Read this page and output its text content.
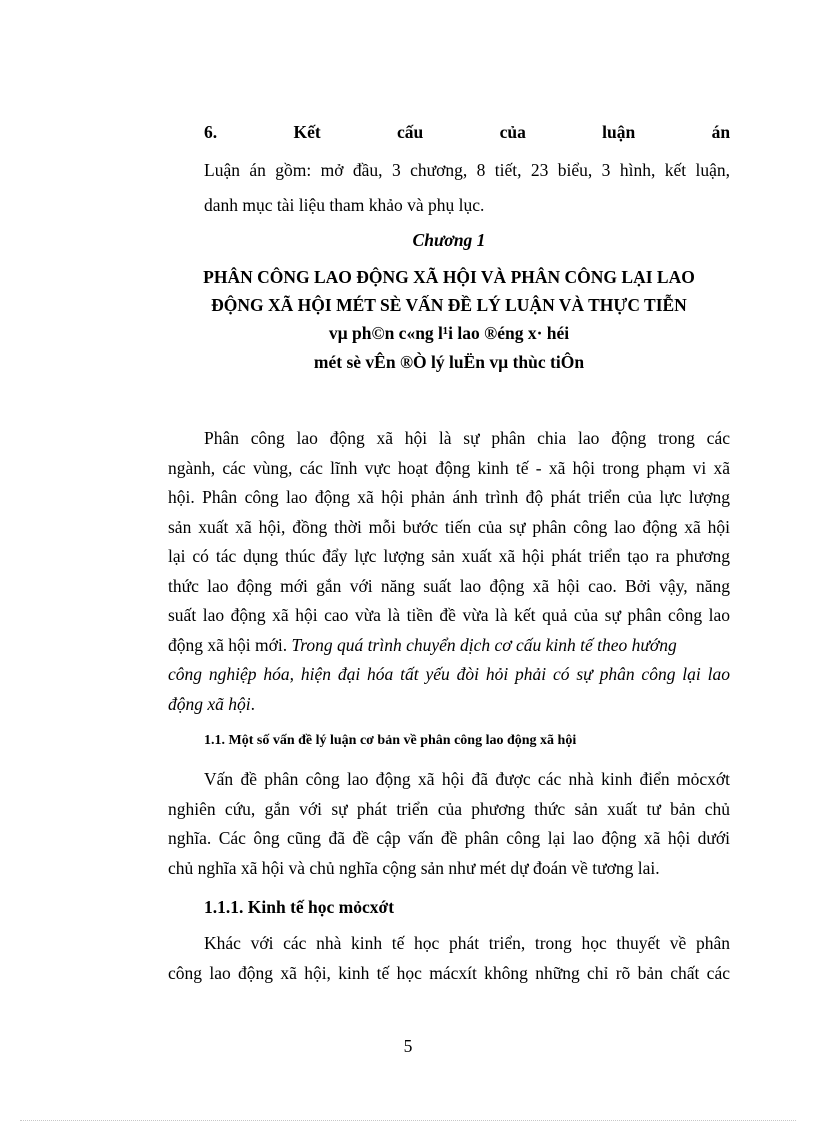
6.	Kết	cấu	của	luận	án
Luận án gồm: mở đầu, 3 chương, 8 tiết, 23 biểu, 3 hình, kết luận,
danh mục tài liệu tham khảo và phụ lục.
Chương 1
PHÂN CÔNG LAO ĐỘNG XÃ HỘI VÀ PHÂN CÔNG LẠI LAO
ĐỘNG XÃ HỘI MÉT SÈ VẤN ĐỀ LÝ LUẬN VÀ THỰC TIỄN
vµ ph©n c«ng l¹i lao ®éng x· héi
mét sè vÊn ®Ò lý luËn vµ thùc tiÔn
Phân công lao động xã hội là sự phân chia lao động trong các
ngành, các vùng, các lĩnh vực hoạt động kinh tế - xã hội trong phạm vi xã
hội. Phân công lao động xã hội phản ánh trình độ phát triển của lực lượng
sản xuất xã hội, đồng thời mỗi bước tiến của sự phân công lao động xã hội
lại có tác dụng thúc đẩy lực lượng sản xuất xã hội phát triển tạo ra phương
thức lao động mới gắn với năng suất lao động xã hội cao. Bởi vậy, năng
suất lao động xã hội cao vừa là tiền đề vừa là kết quả của sự phân công lao
động xã hội mới. Trong quá trình chuyển dịch cơ cấu kinh tế theo hướng
công nghiệp hóa, hiện đại hóa tất yếu đòi hỏi phải có sự phân công lại lao
động xã hội.
1.1. Một số vấn đề lý luận cơ bản về phân công lao động xã hội
Vấn đề phân công lao động xã hội đã được các nhà kinh điển mỏcxớt
nghiên cứu, gắn với sự phát triển của phương thức sản xuất tư bản chủ
nghĩa. Các ông cũng đã đề cập vấn đề phân công lại lao động xã hội dưới
chủ nghĩa xã hội và chủ nghĩa cộng sản như mét dự đoán về tương lai.
1.1.1. Kinh tế học mỏcxớt
Khác với các nhà kinh tế học phát triển, trong học thuyết về phân
công lao động xã hội, kinh tế học mácxít không những chỉ rõ bản chất các
5
